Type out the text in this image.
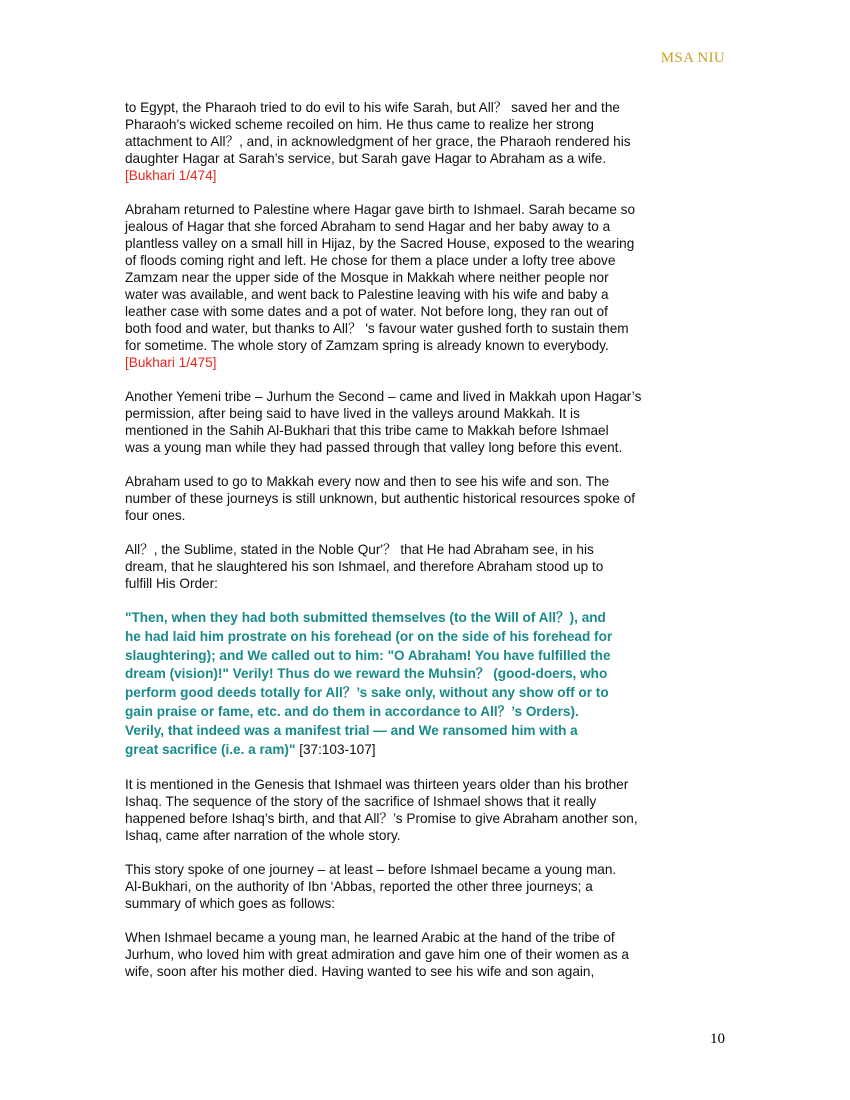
MSA NIU

to Egypt, the Pharaoh tried to do evil to his wife Sarah, but All？ saved her and the
Pharaoh’s wicked scheme recoiled on him. He thus came to realize her strong
attachment to All？, and, in acknowledgment of her grace, the Pharaoh rendered his
daughter Hagar at Sarah’s service, but Sarah gave Hagar to Abraham as a wife.
[Bukhari 1/474]

Abraham returned to Palestine where Hagar gave birth to Ishmael. Sarah became so
jealous of Hagar that she forced Abraham to send Hagar and her baby away to a
plantless valley on a small hill in Hijaz, by the Sacred House, exposed to the wearing
of floods coming right and left. He chose for them a place under a lofty tree above
Zamzam near the upper side of the Mosque in Makkah where neither people nor
water was available, and went back to Palestine leaving with his wife and baby a
leather case with some dates and a pot of water. Not before long, they ran out of
both food and water, but thanks to All？ 's favour water gushed forth to sustain them
for sometime. The whole story of Zamzam spring is already known to everybody.
[Bukhari 1/475]

Another Yemeni tribe – Jurhum the Second – came and lived in Makkah upon Hagar’s
permission, after being said to have lived in the valleys around Makkah. It is
mentioned in the Sahih Al-Bukhari that this tribe came to Makkah before Ishmael
was a young man while they had passed through that valley long before this event.

Abraham used to go to Makkah every now and then to see his wife and son. The
number of these journeys is still unknown, but authentic historical resources spoke of
four ones.

All？, the Sublime, stated in the Noble Qur'？ that He had Abraham see, in his
dream, that he slaughtered his son Ishmael, and therefore Abraham stood up to
fulfill His Order:

"Then, when they had both submitted themselves (to the Will of All？), and
he had laid him prostrate on his forehead (or on the side of his forehead for
slaughtering); and We called out to him: "O Abraham! You have fulfilled the
dream (vision)!" Verily! Thus do we reward the Muhsin？ (good-doers, who
perform good deeds totally for All？’s sake only, without any show off or to
gain praise or fame, etc. and do them in accordance to All？’s Orders).
Verily, that indeed was a manifest trial — and We ransomed him with a
great sacrifice (i.e. a ram)" [37:103-107]

It is mentioned in the Genesis that Ishmael was thirteen years older than his brother
Ishaq. The sequence of the story of the sacrifice of Ishmael shows that it really
happened before Ishaq’s birth, and that All？’s Promise to give Abraham another son,
Ishaq, came after narration of the whole story.

This story spoke of one journey – at least – before Ishmael became a young man.
Al-Bukhari, on the authority of Ibn ‘Abbas, reported the other three journeys; a
summary of which goes as follows:

When Ishmael became a young man, he learned Arabic at the hand of the tribe of
Jurhum, who loved him with great admiration and gave him one of their women as a
wife, soon after his mother died. Having wanted to see his wife and son again,

10
